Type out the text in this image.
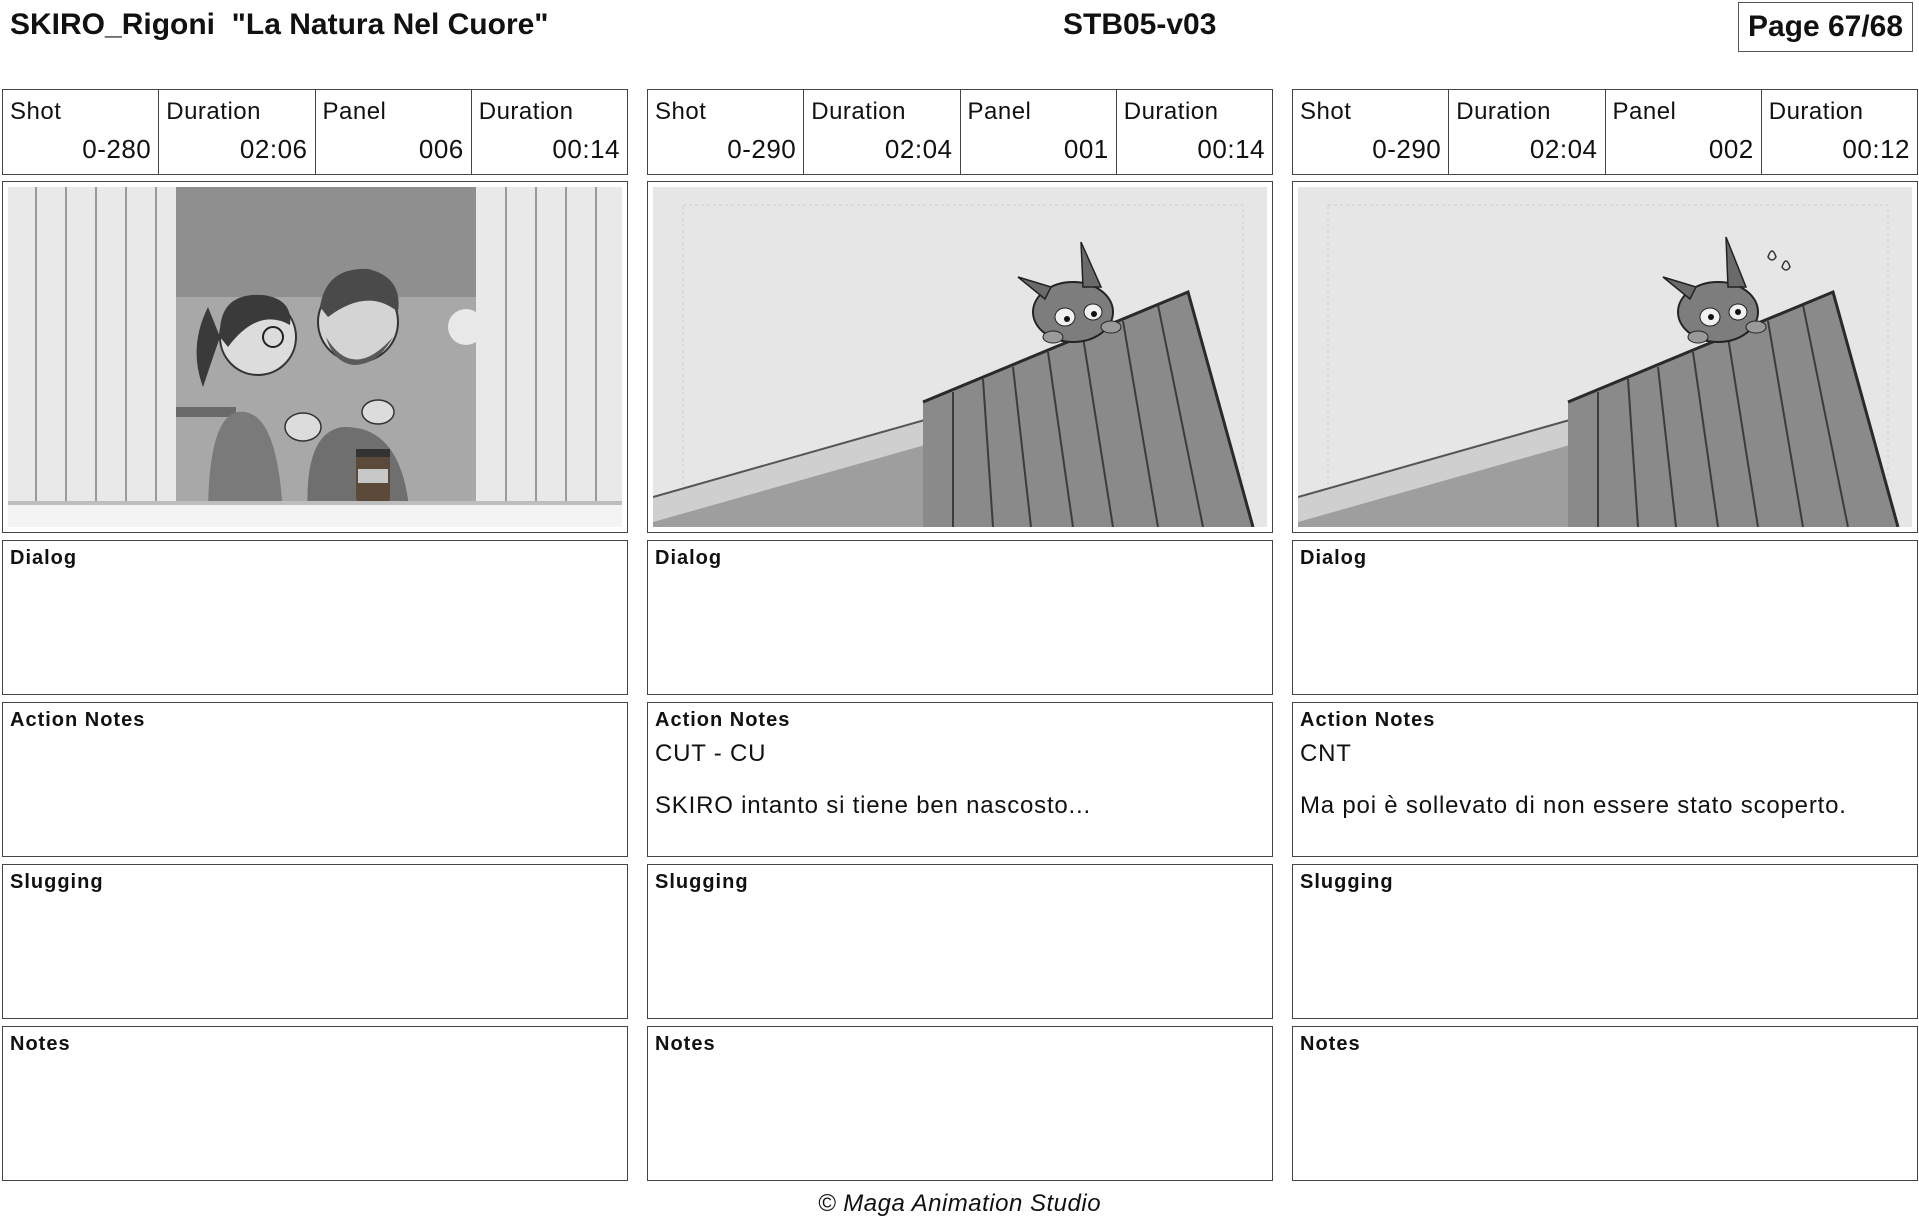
SKIRO_Rigoni  "La Natura Nel Cuore"	STB05-v03	Page 67/68
Shot
0-280
Duration
02:06
Panel
006
Duration
00:14
Dialog
Action Notes
Slugging
Notes
Shot
0-290
Duration
02:04
Panel
001
Duration
00:14
Dialog
Action Notes
CUT - CU
SKIRO intanto si tiene ben nascosto...
Slugging
Notes
Shot
0-290
Duration
02:04
Panel
002
Duration
00:12
Dialog
Action Notes
CNT
Ma poi è sollevato di non essere stato scoperto.
Slugging
Notes
© Maga Animation Studio
